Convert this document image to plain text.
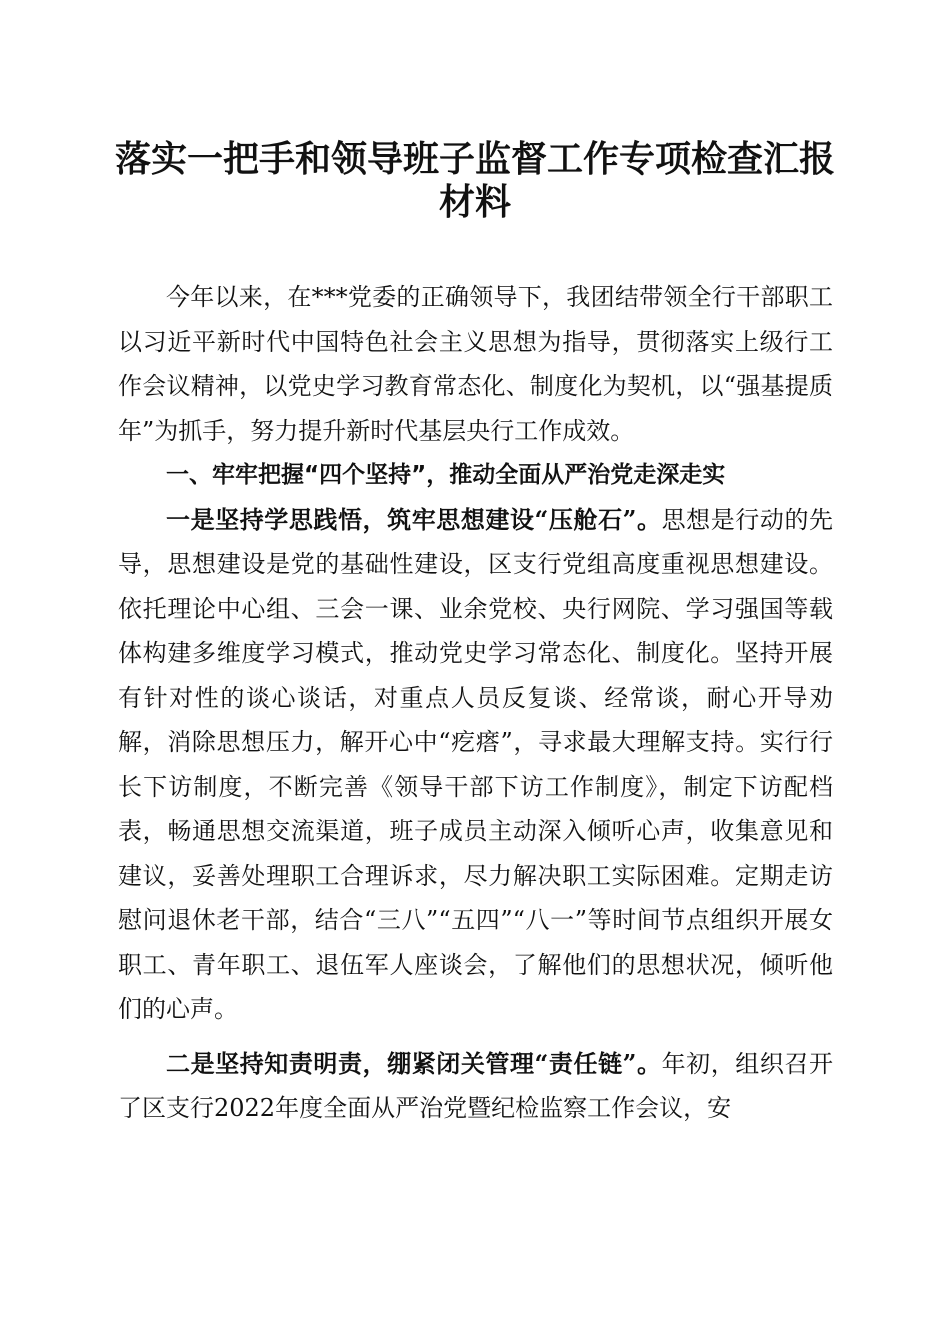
落实一把手和领导班子监督工作专项检查汇报
材料

今年以来，在***党委的正确领导下，我团结带领全行干部职工以习近平新时代中国特色社会主义思想为指导，贯彻落实上级行工作会议精神，以党史学习教育常态化、制度化为契机，以“强基提质年”为抓手，努力提升新时代基层央行工作成效。

一、牢牢把握“四个坚持”，推动全面从严治党走深走实

一是坚持学思践悟，筑牢思想建设“压舱石”。思想是行动的先导，思想建设是党的基础性建设，区支行党组高度重视思想建设。依托理论中心组、三会一课、业余党校、央行网院、学习强国等载体构建多维度学习模式，推动党史学习常态化、制度化。坚持开展有针对性的谈心谈话，对重点人员反复谈、经常谈，耐心开导劝解，消除思想压力，解开心中“疙瘩”，寻求最大理解支持。实行行长下访制度，不断完善《领导干部下访工作制度》，制定下访配档表，畅通思想交流渠道，班子成员主动深入倾听心声，收集意见和建议，妥善处理职工合理诉求，尽力解决职工实际困难。定期走访慰问退休老干部，结合“三八”“五四”“八一”等时间节点组织开展女职工、青年职工、退伍军人座谈会，了解他们的思想状况，倾听他们的心声。

二是坚持知责明责，绷紧闭关管理“责任链”。年初，组织召开了区支行2022年度全面从严治党暨纪检监察工作会议，安
